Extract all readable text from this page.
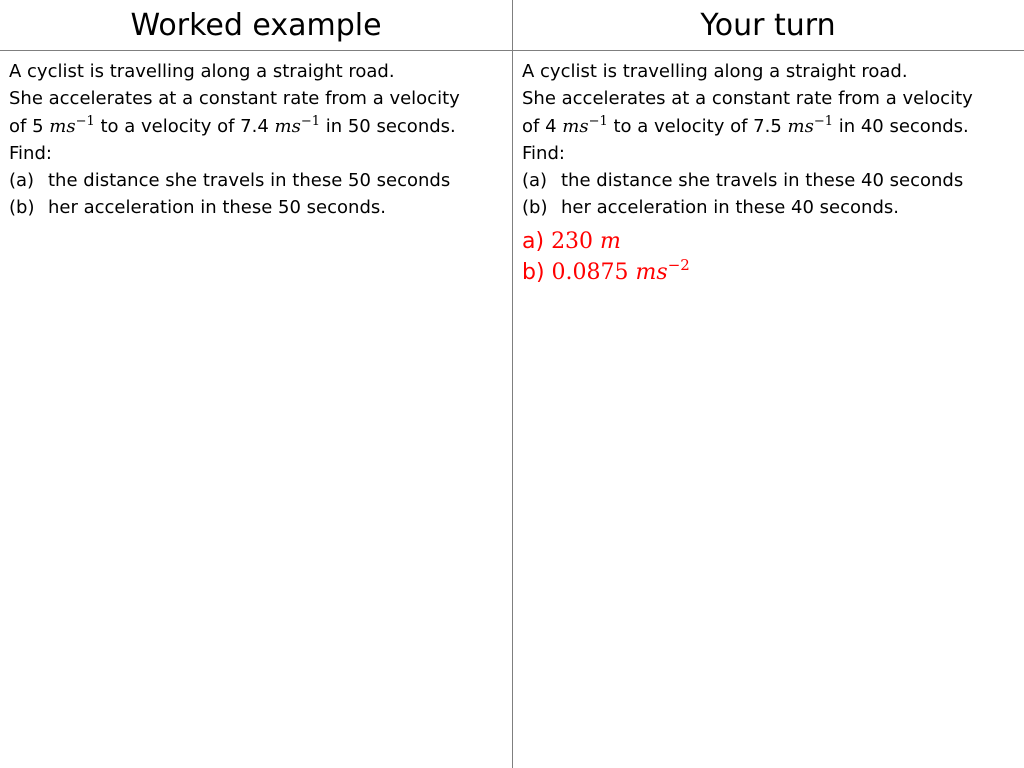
Worked example	Your turn
A cyclist is travelling along a straight road.
She accelerates at a constant rate from a velocity
of 5 $ms^{-1}$ to a velocity of 7.4 $ms^{-1}$ in 50 seconds.
Find:
(a) the distance she travels in these 50 seconds
(b) her acceleration in these 50 seconds.
A cyclist is travelling along a straight road.
She accelerates at a constant rate from a velocity
of 4 $ms^{-1}$ to a velocity of 7.5 $ms^{-1}$ in 40 seconds.
Find:
(a) the distance she travels in these 40 seconds
(b) her acceleration in these 40 seconds.
a) 230 m
b) 0.0875 $ms^{-2}$
